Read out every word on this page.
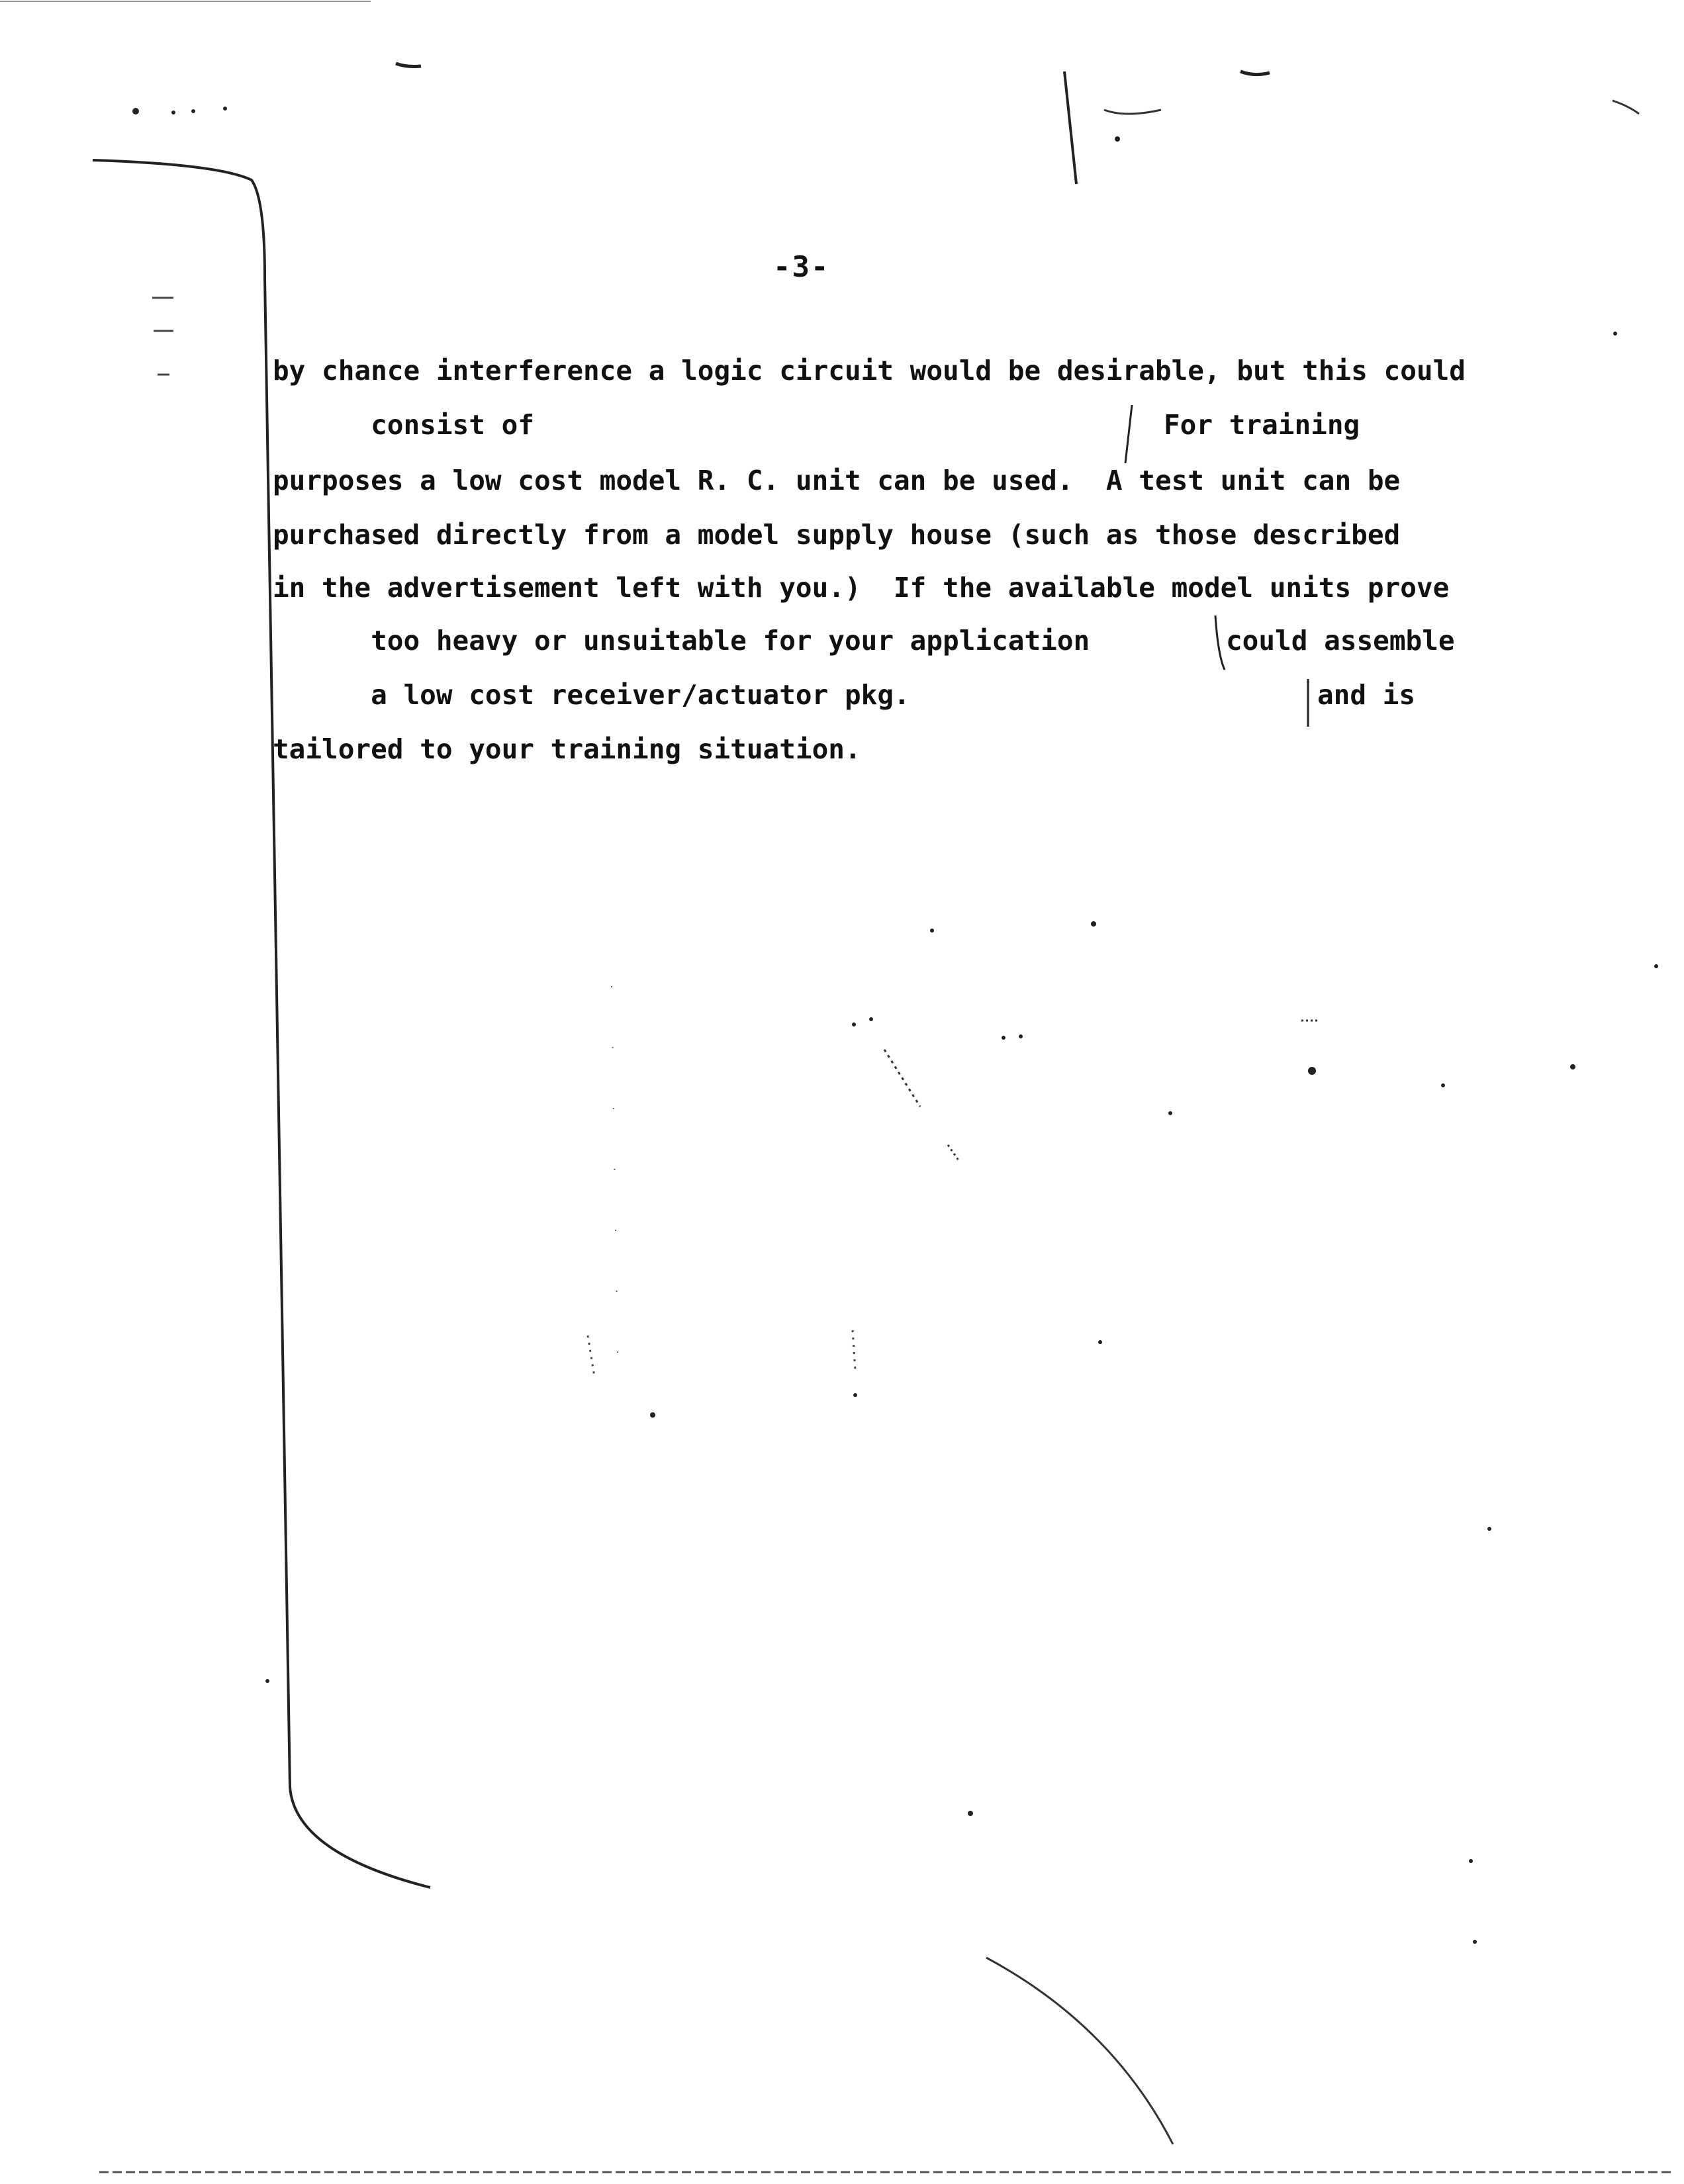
-3-
by chance interference a logic circuit would be desirable, but this could

consist of

	For training

purposes a low cost model R. C. unit can be used.  A test unit can be
purchased directly from a model supply house (such as those described
in the advertisement left with you.)  If the available model units prove

too heavy or unsuitable for your application

	could assemble

a low cost receiver/actuator pkg.

	and is

tailored to your training situation.
